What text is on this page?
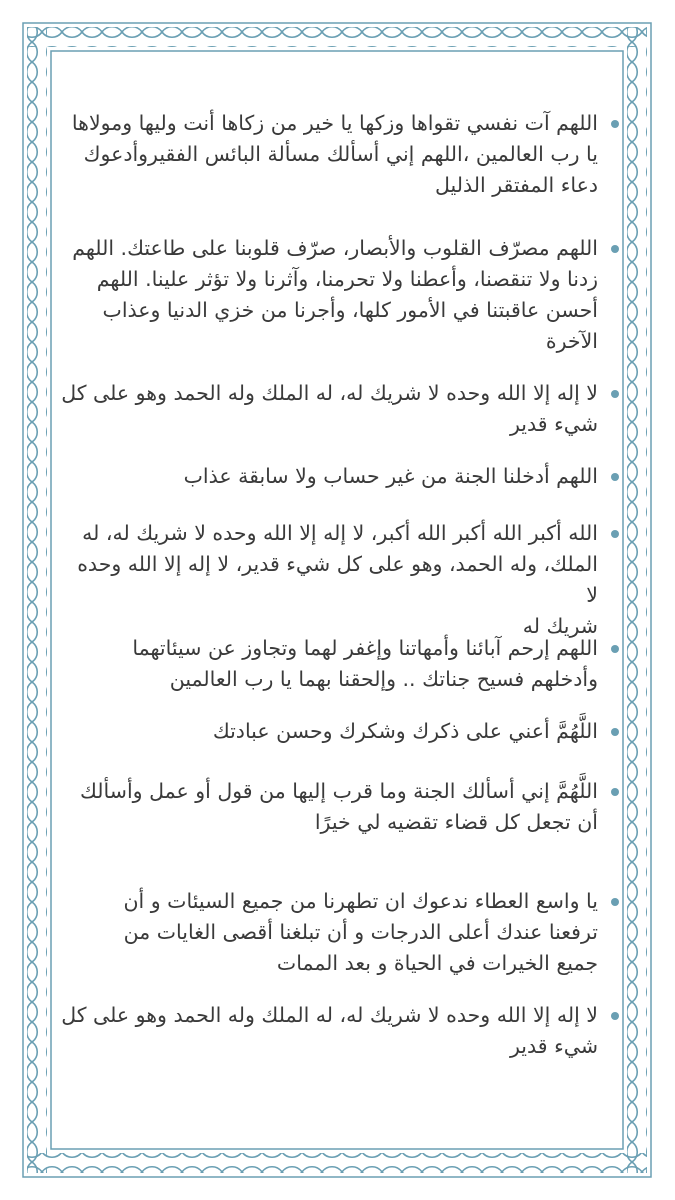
اللهم آت نفسي تقواها وزكها يا خير من زكاها أنت وليها ومولاها
يا رب العالمين ،اللهم إني أسألك مسألة البائس الفقيروأدعوك
دعاء المفتقر الذليل
اللهم مصرّف القلوب والأبصار، صرّف قلوبنا على طاعتك. اللهم
زدنا ولا تنقصنا، وأعطنا ولا تحرمنا، وآثرنا ولا تؤثر علينا. اللهم
أحسن عاقبتنا في الأمور كلها، وأجرنا من خزي الدنيا وعذاب
الآخرة
لا إله إلا الله وحده لا شريك له، له الملك وله الحمد وهو على كل
شيء قدير
اللهم أدخلنا الجنة من غير حساب ولا سابقة عذاب
الله أكبر الله أكبر الله أكبر، لا إله إلا الله وحده لا شريك له، له
الملك، وله الحمد، وهو على كل شيء قدير، لا إله إلا الله وحده لا
شريك له
اللهم إرحم آبائنا وأمهاتنا وإغفر لهما وتجاوز عن سيئاتهما
وأدخلهم فسيح جناتك .. وإلحقنا بهما يا رب العالمين
اللَّهُمَّ أعني على ذكرك وشكرك وحسن عبادتك
اللَّهُمَّ إني أسألك الجنة وما قرب إليها من قول أو عمل وأسألك
أن تجعل كل قضاء تقضيه لي خيرًا
يا واسع العطاء ندعوك ان تطهرنا من جميع السيئات و أن
ترفعنا عندك أعلى الدرجات و أن تبلغنا أقصى الغايات من
جميع الخيرات في الحياة و بعد الممات
لا إله إلا الله وحده لا شريك له، له الملك وله الحمد وهو على كل
شيء قدير
